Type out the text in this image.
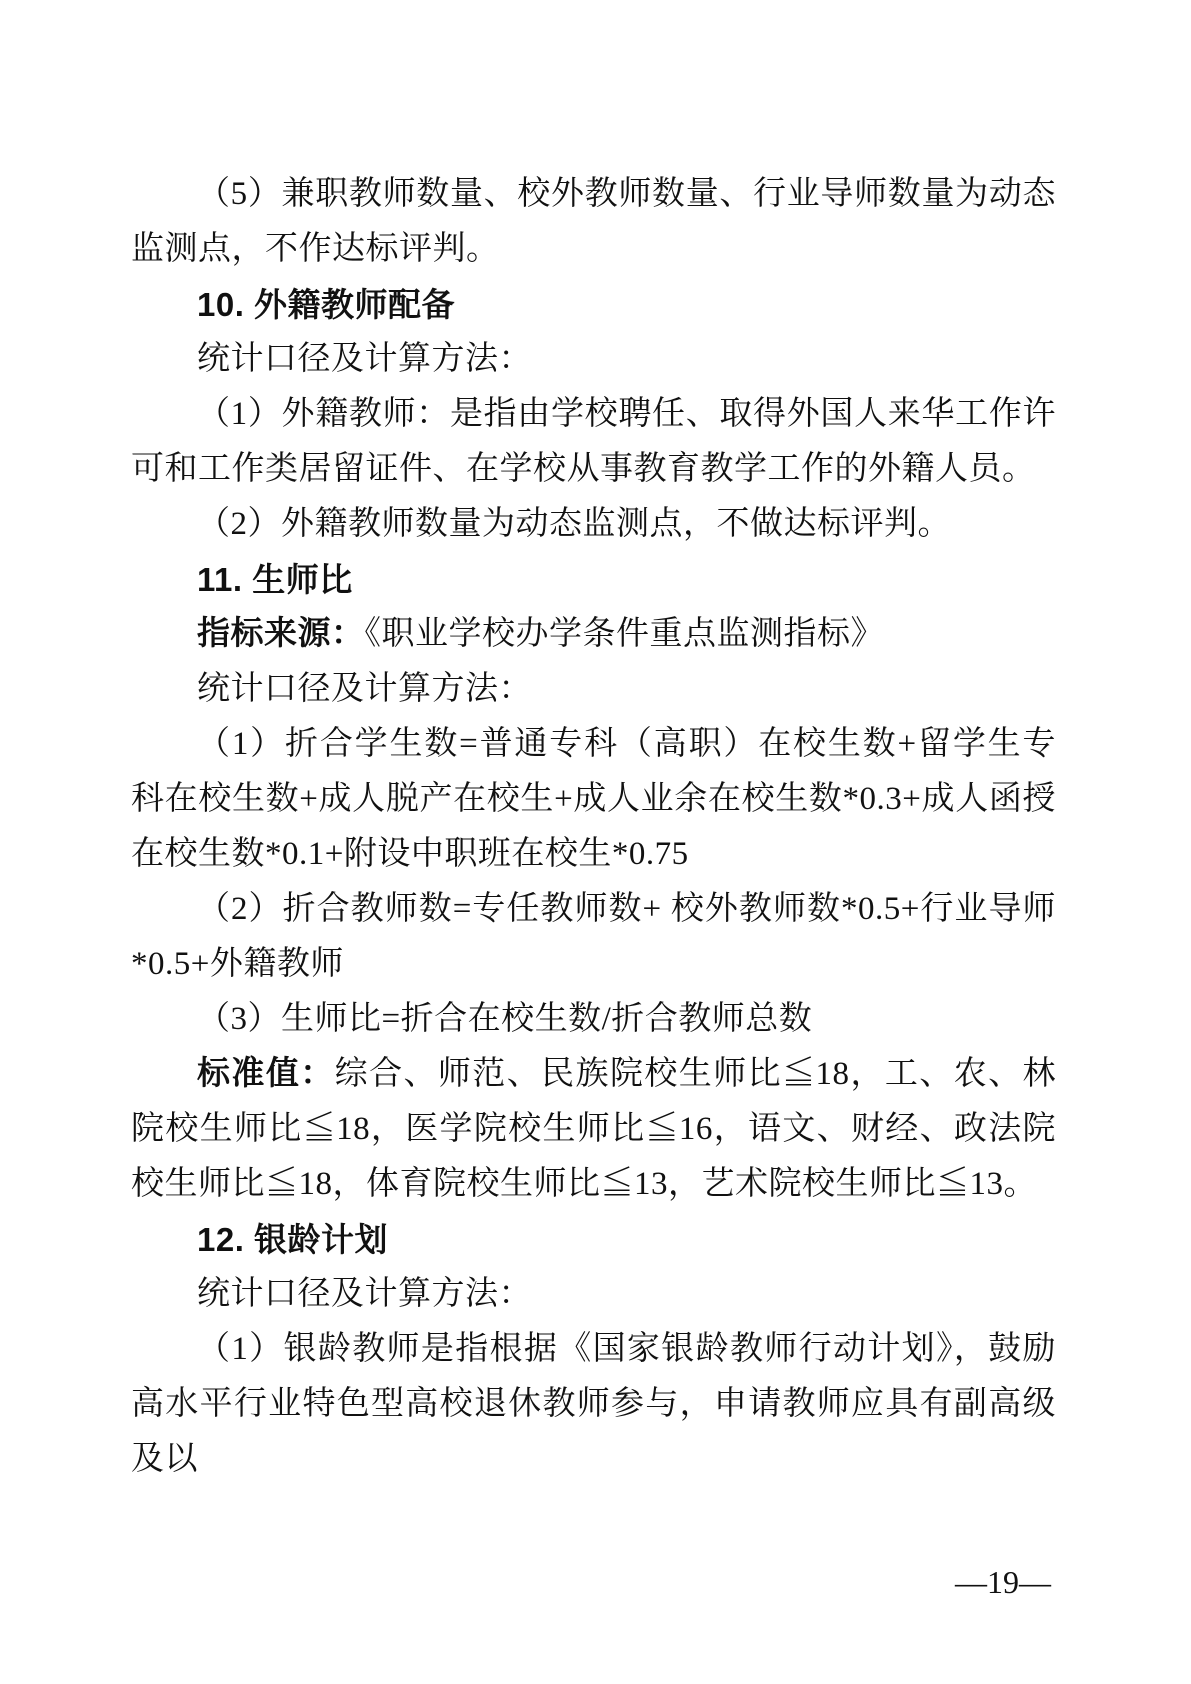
（5）兼职教师数量、校外教师数量、行业导师数量为动态监测点，不作达标评判。

10. 外籍教师配备

统计口径及计算方法：

（1）外籍教师：是指由学校聘任、取得外国人来华工作许可和工作类居留证件、在学校从事教育教学工作的外籍人员。

（2）外籍教师数量为动态监测点，不做达标评判。

11. 生师比

指标来源：《职业学校办学条件重点监测指标》

统计口径及计算方法：

（1）折合学生数=普通专科（高职）在校生数+留学生专科在校生数+成人脱产在校生+成人业余在校生数*0.3+成人函授在校生数*0.1+附设中职班在校生*0.75

（2）折合教师数=专任教师数+ 校外教师数*0.5+行业导师*0.5+外籍教师

（3）生师比=折合在校生数/折合教师总数

标准值：综合、师范、民族院校生师比≦18，工、农、林院校生师比≦18，医学院校生师比≦16，语文、财经、政法院校生师比≦18，体育院校生师比≦13，艺术院校生师比≦13。

12. 银龄计划

统计口径及计算方法：

（1）银龄教师是指根据《国家银龄教师行动计划》，鼓励高水平行业特色型高校退休教师参与，申请教师应具有副高级及以

—19—
